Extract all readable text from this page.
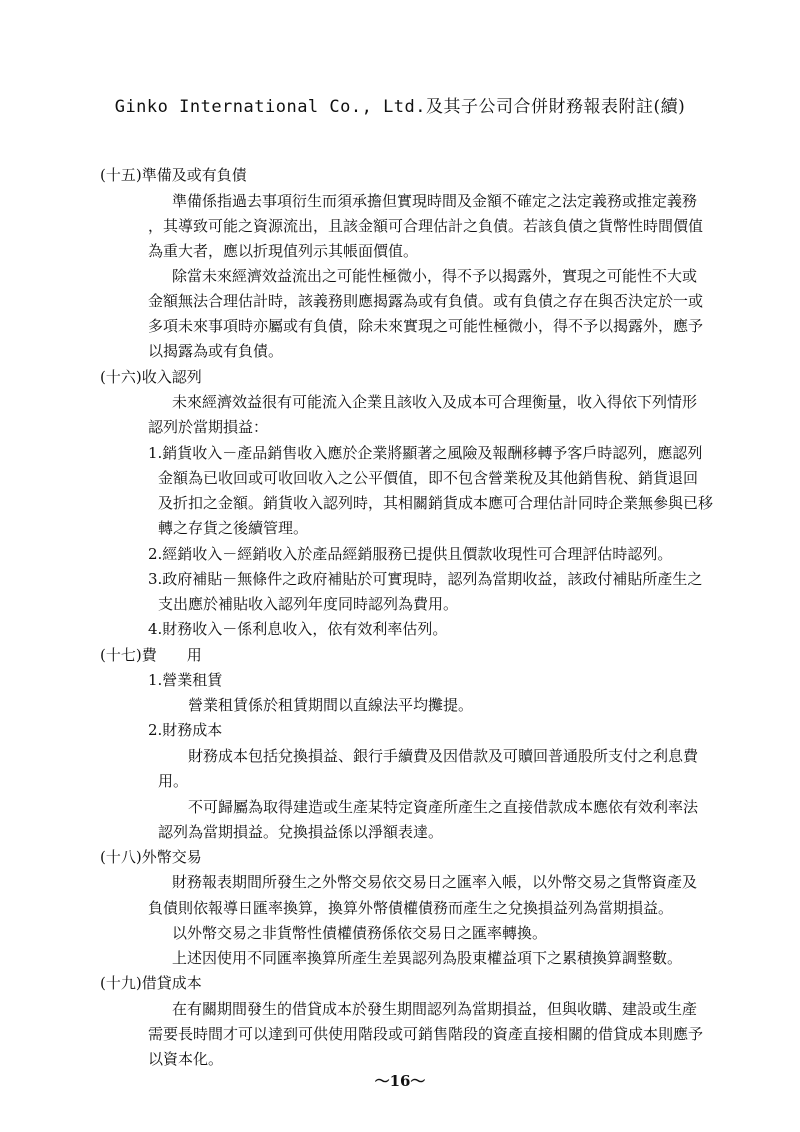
Ginko International Co., Ltd.及其子公司合併財務報表附註(續)
(十五)準備及或有負債
準備係指過去事項衍生而須承擔但實現時間及金額不確定之法定義務或推定義務
，其導致可能之資源流出，且該金額可合理估計之負債。若該負債之貨幣性時間價值
為重大者，應以折現值列示其帳面價值。
除當未來經濟效益流出之可能性極微小，得不予以揭露外，實現之可能性不大或
金額無法合理估計時，該義務則應揭露為或有負債。或有負債之存在與否決定於一或
多項未來事項時亦屬或有負債，除未來實現之可能性極微小，得不予以揭露外，應予
以揭露為或有負債。
(十六)收入認列
未來經濟效益很有可能流入企業且該收入及成本可合理衡量，收入得依下列情形
認列於當期損益：
1.銷貨收入－產品銷售收入應於企業將顯著之風險及報酬移轉予客戶時認列，應認列
金額為已收回或可收回收入之公平價值，即不包含營業稅及其他銷售稅、銷貨退回
及折扣之金額。銷貨收入認列時，其相關銷貨成本應可合理估計同時企業無參與已移
轉之存貨之後續管理。
2.經銷收入－經銷收入於產品經銷服務已提供且價款收現性可合理評估時認列。
3.政府補貼－無條件之政府補貼於可實現時，認列為當期收益，該政付補貼所產生之
支出應於補貼收入認列年度同時認列為費用。
4.財務收入－係利息收入，依有效利率估列。
(十七)費　　用
1.營業租賃
營業租賃係於租賃期間以直線法平均攤提。
2.財務成本
財務成本包括兌換損益、銀行手續費及因借款及可贖回普通股所支付之利息費
用。
不可歸屬為取得建造或生產某特定資產所產生之直接借款成本應依有效利率法
認列為當期損益。兌換損益係以淨額表達。
(十八)外幣交易
財務報表期間所發生之外幣交易依交易日之匯率入帳，以外幣交易之貨幣資產及
負債則依報導日匯率換算，換算外幣債權債務而產生之兌換損益列為當期損益。
以外幣交易之非貨幣性債權債務係依交易日之匯率轉換。
上述因使用不同匯率換算所產生差異認列為股東權益項下之累積換算調整數。
(十九)借貸成本
在有關期間發生的借貸成本於發生期間認列為當期損益，但與收購、建設或生產
需要長時間才可以達到可供使用階段或可銷售階段的資產直接相關的借貸成本則應予
以資本化。
～16～
